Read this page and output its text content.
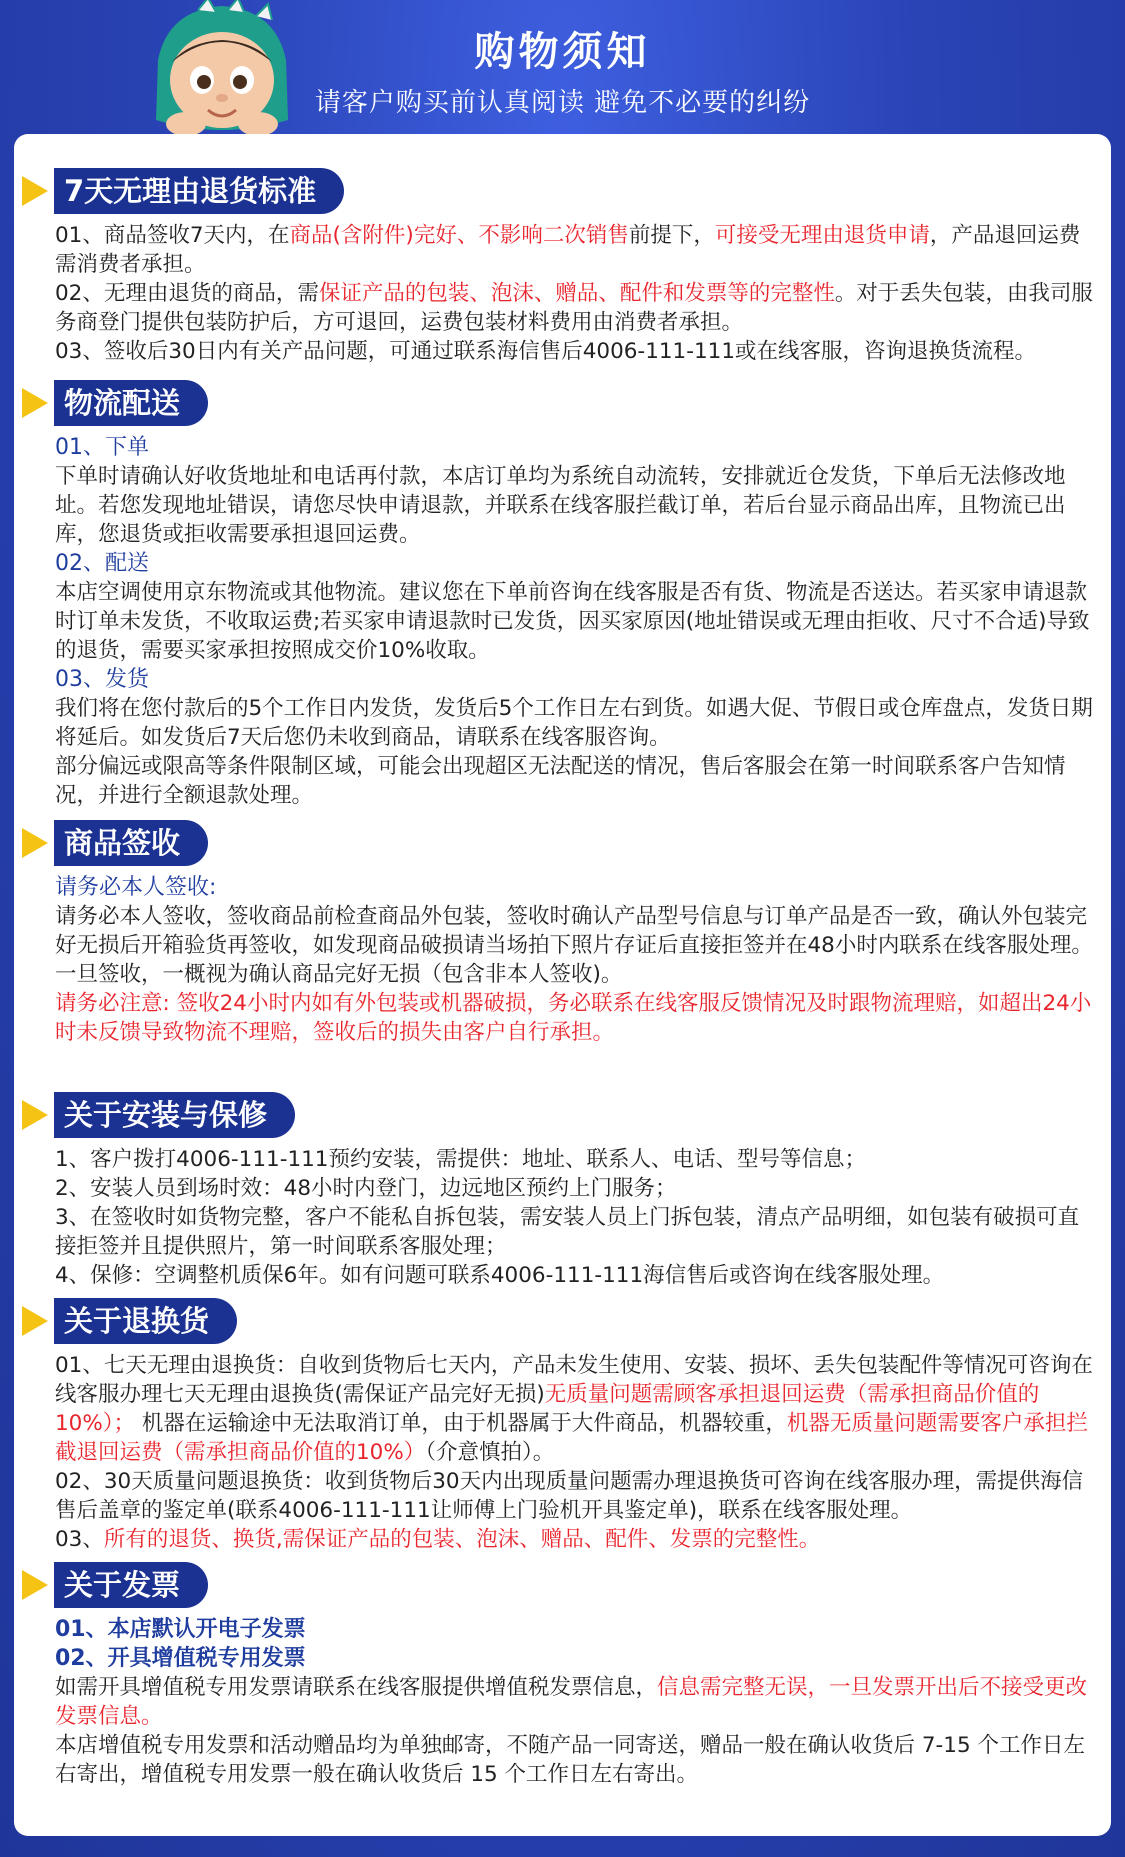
购物须知
请客户购买前认真阅读 避免不必要的纠纷
7天无理由退货标准

01、商品签收7天内，在商品(含附件)完好、不影响二次销售前提下，可接受无理由退货申请，产品退回运费需消费者承担。

02、无理由退货的商品，需保证产品的包装、泡沫、赠品、配件和发票等的完整性。对于丢失包装，由我司服务商登门提供包装防护后，方可退回，运费包装材料费用由消费者承担。

03、签收后30日内有关产品问题，可通过联系海信售后4006-111-111或在线客服，咨询退换货流程。

物流配送

01、下单

下单时请确认好收货地址和电话再付款，本店订单均为系统自动流转，安排就近仓发货，下单后无法修改地址。若您发现地址错误，请您尽快申请退款，并联系在线客服拦截订单，若后台显示商品出库，且物流已出库，您退货或拒收需要承担退回运费。

02、配送

本店空调使用京东物流或其他物流。建议您在下单前咨询在线客服是否有货、物流是否送达。若买家申请退款时订单未发货，不收取运费;若买家申请退款时已发货，因买家原因(地址错误或无理由拒收、尺寸不合适)导致的退货，需要买家承担按照成交价10%收取。

03、发货

我们将在您付款后的5个工作日内发货，发货后5个工作日左右到货。如遇大促、节假日或仓库盘点，发货日期将延后。如发货后7天后您仍未收到商品，请联系在线客服咨询。

部分偏远或限高等条件限制区域，可能会出现超区无法配送的情况，售后客服会在第一时间联系客户告知情况，并进行全额退款处理。

商品签收

请务必本人签收:

请务必本人签收，签收商品前检查商品外包装，签收时确认产品型号信息与订单产品是否一致，确认外包装完好无损后开箱验货再签收，如发现商品破损请当场拍下照片存证后直接拒签并在48小时内联系在线客服处理。一旦签收，一概视为确认商品完好无损（包含非本人签收)。

请务必注意: 签收24小时内如有外包装或机器破损，务必联系在线客服反馈情况及时跟物流理赔，如超出24小时未反馈导致物流不理赔，签收后的损失由客户自行承担。

关于安装与保修

1、客户拨打4006-111-111预约安装，需提供：地址、联系人、电话、型号等信息；

2、安装人员到场时效：48小时内登门，边远地区预约上门服务；

3、在签收时如货物完整，客户不能私自拆包装，需安装人员上门拆包装，清点产品明细，如包装有破损可直接拒签并且提供照片，第一时间联系客服处理；

4、保修：空调整机质保6年。如有问题可联系4006-111-111海信售后或咨询在线客服处理。

关于退换货

01、七天无理由退换货：自收到货物后七天内，产品未发生使用、安装、损坏、丢失包装配件等情况可咨询在线客服办理七天无理由退换货(需保证产品完好无损)无质量问题需顾客承担退回运费（需承担商品价值的10%）； 机器在运输途中无法取消订单，由于机器属于大件商品，机器较重，机器无质量问题需要客户承担拦截退回运费（需承担商品价值的10%）（介意慎拍）。

02、30天质量问题退换货：收到货物后30天内出现质量问题需办理退换货可咨询在线客服办理，需提供海信售后盖章的鉴定单(联系4006-111-111让师傅上门验机开具鉴定单)，联系在线客服处理。

03、所有的退货、换货,需保证产品的包装、泡沫、赠品、配件、发票的完整性。

关于发票

01、本店默认开电子发票

02、开具增值税专用发票

如需开具增值税专用发票请联系在线客服提供增值税发票信息，信息需完整无误，一旦发票开出后不接受更改发票信息。

本店增值税专用发票和活动赠品均为单独邮寄，不随产品一同寄送，赠品一般在确认收货后 7-15 个工作日左右寄出，增值税专用发票一般在确认收货后 15 个工作日左右寄出。
